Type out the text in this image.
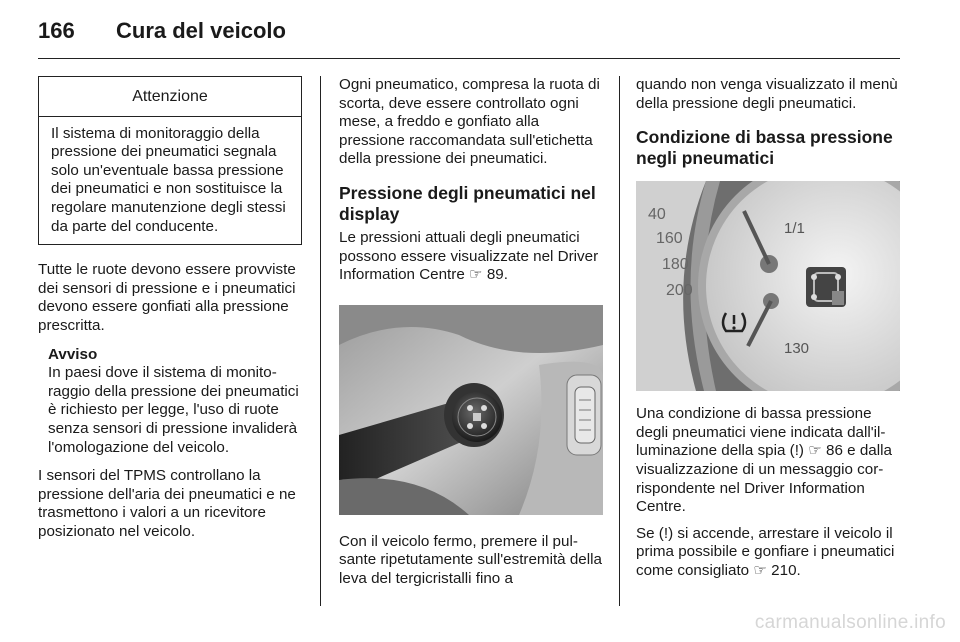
166 Cura del veicolo
Attenzione
Il sistema di monitoraggio della pressione dei pneumatici segnala solo un'eventuale bassa pressione dei pneumatici e non sostituisce la regolare manutenzione degli stessi da parte del conducente.

Tutte le ruote devono essere provviste dei sensori di pressione e i pneumatici devono essere gonfiati alla pressione prescritta.

Avviso
In paesi dove il sistema di monitoraggio della pressione dei pneumatici è richiesto per legge, l'uso di ruote senza sensori di pressione invaliderà l'omologazione del veicolo.

I sensori del TPMS controllano la pressione dell'aria dei pneumatici e ne trasmettono i valori a un ricevitore posizionato nel veicolo.

Ogni pneumatico, compresa la ruota di scorta, deve essere controllato ogni mese, a freddo e gonfiato alla pressione raccomandata sull'etichetta della pressione dei pneumatici.

Pressione degli pneumatici nel display

Le pressioni attuali degli pneumatici possono essere visualizzate nel Driver Information Centre ☞ 89.

Con il veicolo fermo, premere il pulsante ripetutamente sull'estremità della leva del tergicristalli fino a

quando non venga visualizzato il menù della pressione degli pneumatici.

Condizione di bassa pressione negli pneumatici
40
160
180
200
1/1
130

Una condizione di bassa pressione degli pneumatici viene indicata dall'illuminazione della spia (!) ☞ 86 e dalla visualizzazione di un messaggio corrispondente nel Driver Information Centre.

Se (!) si accende, arrestare il veicolo il prima possibile e gonfiare i pneumatici come consigliato ☞ 210.

carmanualsonline.info
